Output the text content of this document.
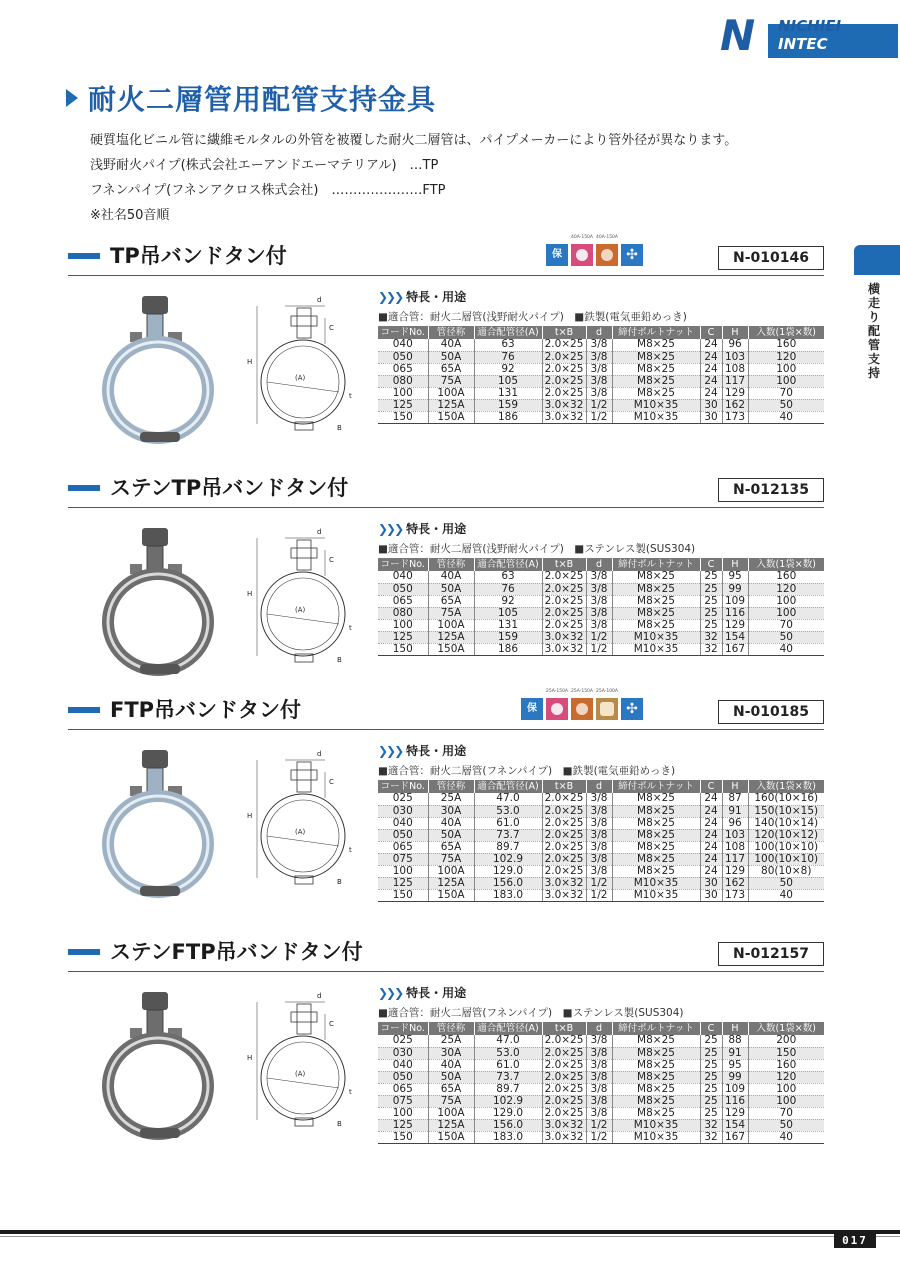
N NICHIEI
INTEC
耐火二層管用配管支持金具

硬質塩化ビニル管に繊維モルタルの外管を被覆した耐火二層管は、パイプメーカーにより管外径が異なります。

浅野耐火パイプ(株式会社エーアンドエーマテリアル)　…TP

フネンパイプ(フネンアクロス株式会社)　…………………FTP

※社名50音順

横走り配管支持
TP吊バンドタン付	保
40A-150A 40A-150A
✣	N-010146
d
C
(A)
H
t
B
❯❯❯ 特長・用途
■適合管：耐火二層管(浅野耐火パイプ)　■鉄製(電気亜鉛めっき)
コードNo.	管径称	適合配管径(A)	t×B	d	締付ボルトナット	C	H	入数(1袋×数)
040	40A	63	2.0×25	3/8	M8×25	24	96	160
050	50A	76	2.0×25	3/8	M8×25	24	103	120
065	65A	92	2.0×25	3/8	M8×25	24	108	100
080	75A	105	2.0×25	3/8	M8×25	24	117	100
100	100A	131	2.0×25	3/8	M8×25	24	129	70
125	125A	159	3.0×32	1/2	M10×35	30	162	50
150	150A	186	3.0×32	1/2	M10×35	30	173	40
ステンTP吊バンドタン付	N-012135
d
C
(A)
H
t
B
❯❯❯ 特長・用途
■適合管：耐火二層管(浅野耐火パイプ)　■ステンレス製(SUS304)
コードNo.	管径称	適合配管径(A)	t×B	d	締付ボルトナット	C	H	入数(1袋×数)
040	40A	63	2.0×25	3/8	M8×25	25	95	160
050	50A	76	2.0×25	3/8	M8×25	25	99	120
065	65A	92	2.0×25	3/8	M8×25	25	109	100
080	75A	105	2.0×25	3/8	M8×25	25	116	100
100	100A	131	2.0×25	3/8	M8×25	25	129	70
125	125A	159	3.0×32	1/2	M10×35	32	154	50
150	150A	186	3.0×32	1/2	M10×35	32	167	40
FTP吊バンドタン付	保
25A-150A 25A-150A 25A-100A
✣	N-010185
d
C
(A)
H
t
B
❯❯❯ 特長・用途
■適合管：耐火二層管(フネンパイプ)　■鉄製(電気亜鉛めっき)
コードNo.	管径称	適合配管径(A)	t×B	d	締付ボルトナット	C	H	入数(1袋×数)
025	25A	47.0	2.0×25	3/8	M8×25	24	87	160(10×16)
030	30A	53.0	2.0×25	3/8	M8×25	24	91	150(10×15)
040	40A	61.0	2.0×25	3/8	M8×25	24	96	140(10×14)
050	50A	73.7	2.0×25	3/8	M8×25	24	103	120(10×12)
065	65A	89.7	2.0×25	3/8	M8×25	24	108	100(10×10)
075	75A	102.9	2.0×25	3/8	M8×25	24	117	100(10×10)
100	100A	129.0	2.0×25	3/8	M8×25	24	129	80(10×8)
125	125A	156.0	3.0×32	1/2	M10×35	30	162	50
150	150A	183.0	3.0×32	1/2	M10×35	30	173	40
ステンFTP吊バンドタン付	N-012157
d
C
(A)
H
t
B
❯❯❯ 特長・用途
■適合管：耐火二層管(フネンパイプ)　■ステンレス製(SUS304)
コードNo.	管径称	適合配管径(A)	t×B	d	締付ボルトナット	C	H	入数(1袋×数)
025	25A	47.0	2.0×25	3/8	M8×25	25	88	200
030	30A	53.0	2.0×25	3/8	M8×25	25	91	150
040	40A	61.0	2.0×25	3/8	M8×25	25	95	160
050	50A	73.7	2.0×25	3/8	M8×25	25	99	120
065	65A	89.7	2.0×25	3/8	M8×25	25	109	100
075	75A	102.9	2.0×25	3/8	M8×25	25	116	100
100	100A	129.0	2.0×25	3/8	M8×25	25	129	70
125	125A	156.0	3.0×32	1/2	M10×35	32	154	50
150	150A	183.0	3.0×32	1/2	M10×35	32	167	40
017
